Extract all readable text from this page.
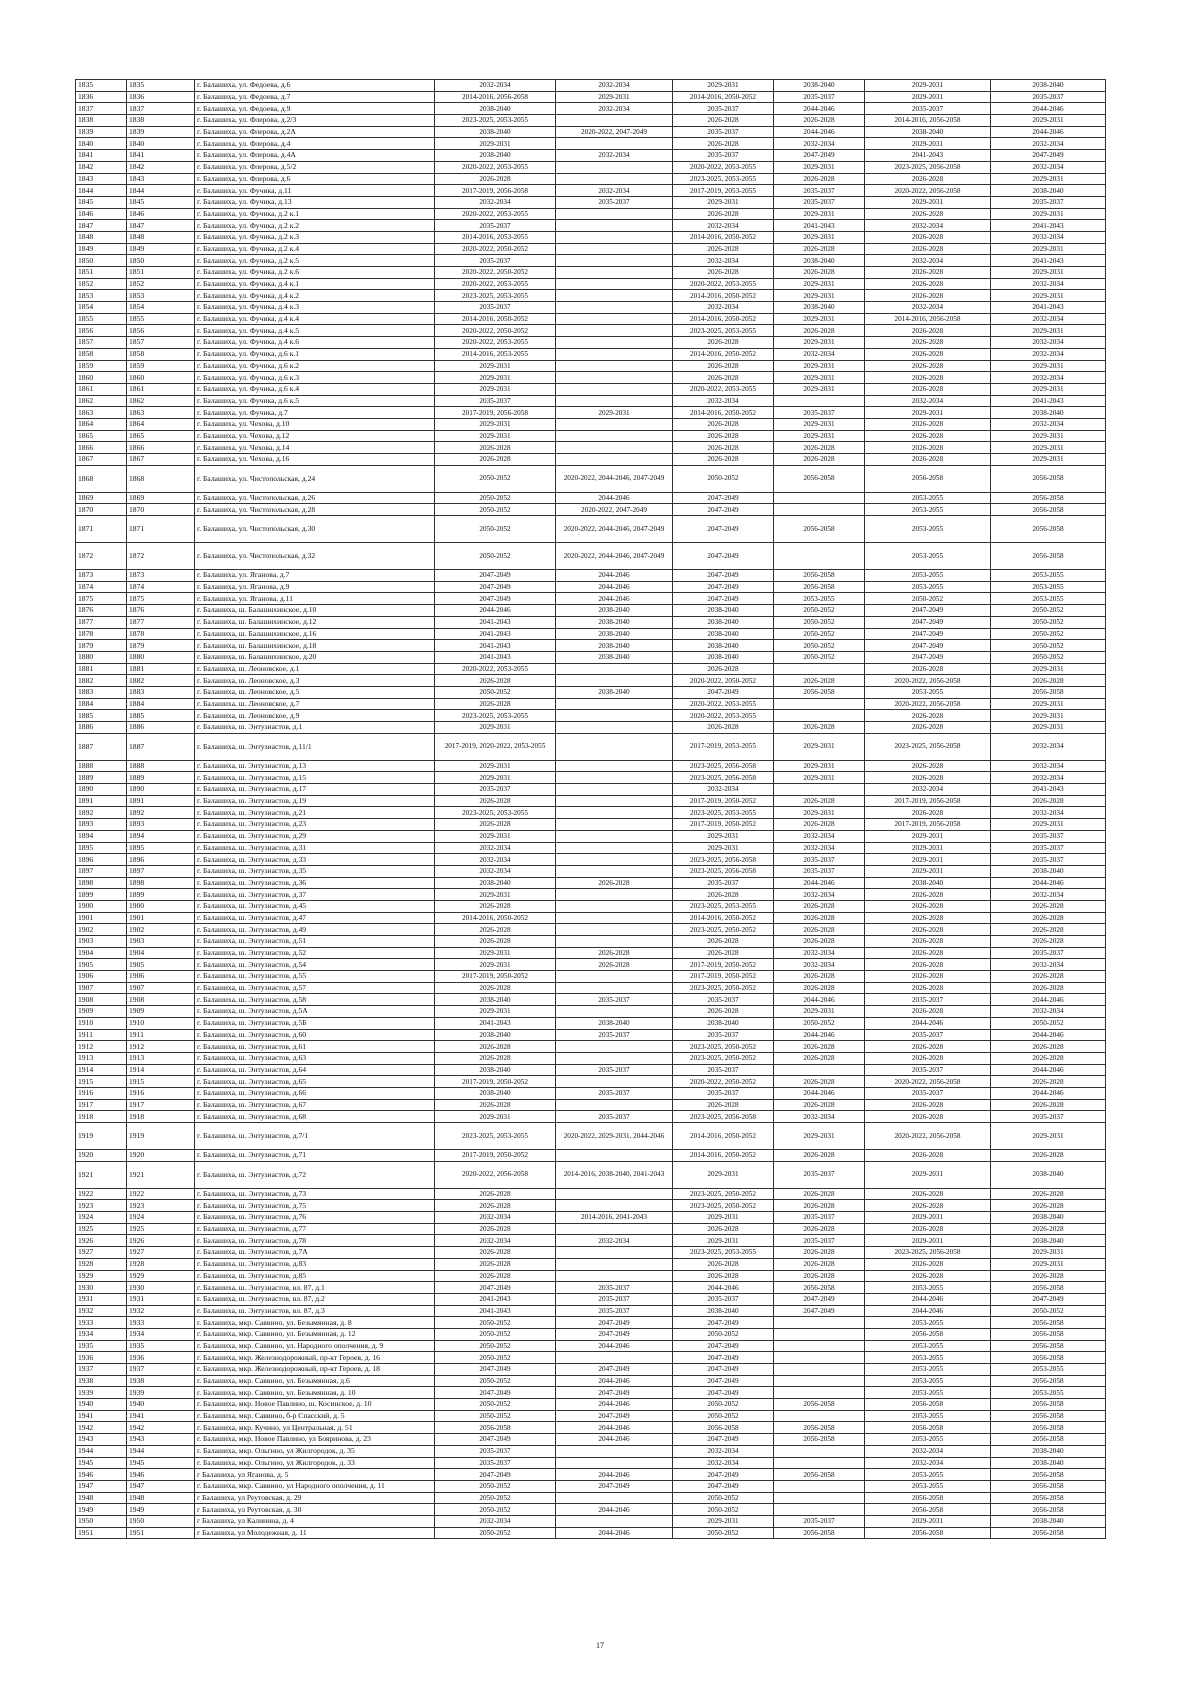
1835	1835	г. Балашиха, ул. Федоева, д.6	2032-2034	2032-2034	2029-2031	2038-2040	2029-2031	2038-2040
1836	1836	г. Балашиха, ул. Федоева, д.7	2014-2016, 2056-2058	2029-2031	2014-2016, 2050-2052	2035-2037	2029-2031	2035-2037
1837	1837	г. Балашиха, ул. Федоева, д.9	2038-2040	2032-2034	2035-2037	2044-2046	2035-2037	2044-2046
1838	1838	г. Балашиха, ул. Флерова, д.2/3	2023-2025, 2053-2055		2026-2028	2026-2028	2014-2016, 2056-2058	2029-2031
1839	1839	г. Балашиха, ул. Флерова, д.2А	2038-2040	2020-2022, 2047-2049	2035-2037	2044-2046	2038-2040	2044-2046
1840	1840	г. Балашиха, ул. Флерова, д.4	2029-2031		2026-2028	2032-2034	2029-2031	2032-2034
1841	1841	г. Балашиха, ул. Флерова, д.4А	2038-2040	2032-2034	2035-2037	2047-2049	2041-2043	2047-2049
1842	1842	г. Балашиха, ул. Флерова, д.5/2	2020-2022, 2053-2055		2020-2022, 2053-2055	2029-2031	2023-2025, 2056-2058	2032-2034
1843	1843	г. Балашиха, ул. Флерова, д.6	2026-2028		2023-2025, 2053-2055	2026-2028	2026-2028	2029-2031
1844	1844	г. Балашиха, ул. Фучика, д.11	2017-2019, 2056-2058	2032-2034	2017-2019, 2053-2055	2035-2037	2020-2022, 2056-2058	2038-2040
1845	1845	г. Балашиха, ул. Фучика, д.13	2032-2034	2035-2037	2029-2031	2035-2037	2029-2031	2035-2037
1846	1846	г. Балашиха, ул. Фучика, д.2 к.1	2020-2022, 2053-2055		2026-2028	2029-2031	2026-2028	2029-2031
1847	1847	г. Балашиха, ул. Фучика, д.2 к.2	2035-2037		2032-2034	2041-2043	2032-2034	2041-2043
1848	1848	г. Балашиха, ул. Фучика, д.2 к.3	2014-2016, 2053-2055		2014-2016, 2050-2052	2029-2031	2026-2028	2032-2034
1849	1849	г. Балашиха, ул. Фучика, д.2 к.4	2020-2022, 2050-2052		2026-2028	2026-2028	2026-2028	2029-2031
1850	1850	г. Балашиха, ул. Фучика, д.2 к.5	2035-2037		2032-2034	2038-2040	2032-2034	2041-2043
1851	1851	г. Балашиха, ул. Фучика, д.2 к.6	2020-2022, 2050-2052		2026-2028	2026-2028	2026-2028	2029-2031
1852	1852	г. Балашиха, ул. Фучика, д.4 к.1	2020-2022, 2053-2055		2020-2022, 2053-2055	2029-2031	2026-2028	2032-2034
1853	1853	г. Балашиха, ул. Фучика, д.4 к.2	2023-2025, 2053-2055		2014-2016, 2050-2052	2029-2031	2026-2028	2029-2031
1854	1854	г. Балашиха, ул. Фучика, д.4 к.3	2035-2037		2032-2034	2038-2040	2032-2034	2041-2043
1855	1855	г. Балашиха, ул. Фучика, д.4 к.4	2014-2016, 2050-2052		2014-2016, 2050-2052	2029-2031	2014-2016, 2056-2058	2032-2034
1856	1856	г. Балашиха, ул. Фучика, д.4 к.5	2020-2022, 2050-2052		2023-2025, 2053-2055	2026-2028	2026-2028	2029-2031
1857	1857	г. Балашиха, ул. Фучика, д.4 к.6	2020-2022, 2053-2055		2026-2028	2029-2031	2026-2028	2032-2034
1858	1858	г. Балашиха, ул. Фучика, д.6 к.1	2014-2016, 2053-2055		2014-2016, 2050-2052	2032-2034	2026-2028	2032-2034
1859	1859	г. Балашиха, ул. Фучика, д.6 к.2	2029-2031		2026-2028	2029-2031	2026-2028	2029-2031
1860	1860	г. Балашиха, ул. Фучика, д.6 к.3	2029-2031		2026-2028	2029-2031	2026-2028	2032-2034
1861	1861	г. Балашиха, ул. Фучика, д.6 к.4	2029-2031		2020-2022, 2053-2055	2029-2031	2026-2028	2029-2031
1862	1862	г. Балашиха, ул. Фучика, д.6 к.5	2035-2037		2032-2034		2032-2034	2041-2043
1863	1863	г. Балашиха, ул. Фучика, д.7	2017-2019, 2056-2058	2029-2031	2014-2016, 2050-2052	2035-2037	2029-2031	2038-2040
1864	1864	г. Балашиха, ул. Чехова, д.10	2029-2031		2026-2028	2029-2031	2026-2028	2032-2034
1865	1865	г. Балашиха, ул. Чехова, д.12	2029-2031		2026-2028	2029-2031	2026-2028	2029-2031
1866	1866	г. Балашиха, ул. Чехова, д.14	2026-2028		2026-2028	2026-2028	2026-2028	2029-2031
1867	1867	г. Балашиха, ул. Чехова, д.16	2026-2028		2026-2028	2026-2028	2026-2028	2029-2031
1868	1868	г. Балашиха, ул. Чистопольская, д.24	2050-2052	2020-2022, 2044-2046, 2047-2049	2050-2052	2056-2058	2056-2058	2056-2058
1869	1869	г. Балашиха, ул. Чистопольская, д.26	2050-2052	2044-2046	2047-2049		2053-2055	2056-2058
1870	1870	г. Балашиха, ул. Чистопольская, д.28	2050-2052	2020-2022, 2047-2049	2047-2049		2053-2055	2056-2058
1871	1871	г. Балашиха, ул. Чистопольская, д.30	2050-2052	2020-2022, 2044-2046, 2047-2049	2047-2049	2056-2058	2053-2055	2056-2058
1872	1872	г. Балашиха, ул. Чистопольская, д.32	2050-2052	2020-2022, 2044-2046, 2047-2049	2047-2049		2053-2055	2056-2058
1873	1873	г. Балашиха, ул. Яганова, д.7	2047-2049	2044-2046	2047-2049	2056-2058	2053-2055	2053-2055
1874	1874	г. Балашиха, ул. Яганова, д.9	2047-2049	2044-2046	2047-2049	2056-2058	2053-2055	2053-2055
1875	1875	г. Балашиха, ул. Яганова, д.11	2047-2049	2044-2046	2047-2049	2053-2055	2050-2052	2053-2055
1876	1876	г. Балашиха, ш. Балашихинское, д.10	2044-2046	2038-2040	2038-2040	2050-2052	2047-2049	2050-2052
1877	1877	г. Балашиха, ш. Балашихинское, д.12	2041-2043	2038-2040	2038-2040	2050-2052	2047-2049	2050-2052
1878	1878	г. Балашиха, ш. Балашихинское, д.16	2041-2043	2038-2040	2038-2040	2050-2052	2047-2049	2050-2052
1879	1879	г. Балашиха, ш. Балашихинское, д.18	2041-2043	2038-2040	2038-2040	2050-2052	2047-2049	2050-2052
1880	1880	г. Балашиха, ш. Балашихинское, д.20	2041-2043	2038-2040	2038-2040	2050-2052	2047-2049	2050-2052
1881	1881	г. Балашиха, ш. Леоновское, д.1	2020-2022, 2053-2055		2026-2028		2026-2028	2029-2031
1882	1882	г. Балашиха, ш. Леоновское, д.3	2026-2028		2020-2022, 2050-2052	2026-2028	2020-2022, 2056-2058	2026-2028
1883	1883	г. Балашиха, ш. Леоновское, д.5	2050-2052	2038-2040	2047-2049	2056-2058	2053-2055	2056-2058
1884	1884	г. Балашиха, ш. Леоновское, д.7	2026-2028		2020-2022, 2053-2055		2020-2022, 2056-2058	2029-2031
1885	1885	г. Балашиха, ш. Леоновское, д.9	2023-2025, 2053-2055		2020-2022, 2053-2055		2026-2028	2029-2031
1886	1886	г. Балашиха, ш. Энтузиастов, д.1	2029-2031		2026-2028	2026-2028	2026-2028	2029-2031
1887	1887	г. Балашиха, ш. Энтузиастов, д.11/1	2017-2019, 2020-2022, 2053-2055		2017-2019, 2053-2055	2029-2031	2023-2025, 2056-2058	2032-2034
1888	1888	г. Балашиха, ш. Энтузиастов, д.13	2029-2031		2023-2025, 2056-2058	2029-2031	2026-2028	2032-2034
1889	1889	г. Балашиха, ш. Энтузиастов, д.15	2029-2031		2023-2025, 2056-2058	2029-2031	2026-2028	2032-2034
1890	1890	г. Балашиха, ш. Энтузиастов, д.17	2035-2037		2032-2034		2032-2034	2041-2043
1891	1891	г. Балашиха, ш. Энтузиастов, д.19	2026-2028		2017-2019, 2050-2052	2026-2028	2017-2019, 2056-2058	2026-2028
1892	1892	г. Балашиха, ш. Энтузиастов, д.21	2023-2025, 2053-2055		2023-2025, 2053-2055	2029-2031	2026-2028	2032-2034
1893	1893	г. Балашиха, ш. Энтузиастов, д.23	2026-2028		2017-2019, 2050-2052	2026-2028	2017-2019, 2056-2058	2029-2031
1894	1894	г. Балашиха, ш. Энтузиастов, д.29	2029-2031		2029-2031	2032-2034	2029-2031	2035-2037
1895	1895	г. Балашиха, ш. Энтузиастов, д.31	2032-2034		2029-2031	2032-2034	2029-2031	2035-2037
1896	1896	г. Балашиха, ш. Энтузиастов, д.33	2032-2034		2023-2025, 2056-2058	2035-2037	2029-2031	2035-2037
1897	1897	г. Балашиха, ш. Энтузиастов, д.35	2032-2034		2023-2025, 2056-2058	2035-2037	2029-2031	2038-2040
1898	1898	г. Балашиха, ш. Энтузиастов, д.36	2038-2040	2026-2028	2035-2037	2044-2046	2038-2040	2044-2046
1899	1899	г. Балашиха, ш. Энтузиастов, д.37	2029-2031		2026-2028	2032-2034	2026-2028	2032-2034
1900	1900	г. Балашиха, ш. Энтузиастов, д.45	2026-2028		2023-2025, 2053-2055	2026-2028	2026-2028	2026-2028
1901	1901	г. Балашиха, ш. Энтузиастов, д.47	2014-2016, 2050-2052		2014-2016, 2050-2052	2026-2028	2026-2028	2026-2028
1902	1902	г. Балашиха, ш. Энтузиастов, д.49	2026-2028		2023-2025, 2050-2052	2026-2028	2026-2028	2026-2028
1903	1903	г. Балашиха, ш. Энтузиастов, д.51	2026-2028		2026-2028	2026-2028	2026-2028	2026-2028
1904	1904	г. Балашиха, ш. Энтузиастов, д.52	2029-2031	2026-2028	2026-2028	2032-2034	2026-2028	2035-2037
1905	1905	г. Балашиха, ш. Энтузиастов, д.54	2029-2031	2026-2028	2017-2019, 2050-2052	2032-2034	2026-2028	2032-2034
1906	1906	г. Балашиха, ш. Энтузиастов, д.55	2017-2019, 2050-2052		2017-2019, 2050-2052	2026-2028	2026-2028	2026-2028
1907	1907	г. Балашиха, ш. Энтузиастов, д.57	2026-2028		2023-2025, 2050-2052	2026-2028	2026-2028	2026-2028
1908	1908	г. Балашиха, ш. Энтузиастов, д.58	2038-2040	2035-2037	2035-2037	2044-2046	2035-2037	2044-2046
1909	1909	г. Балашиха, ш. Энтузиастов, д.5А	2029-2031		2026-2028	2029-2031	2026-2028	2032-2034
1910	1910	г. Балашиха, ш. Энтузиастов, д.5Б	2041-2043	2038-2040	2038-2040	2050-2052	2044-2046	2050-2052
1911	1911	г. Балашиха, ш. Энтузиастов, д.60	2038-2040	2035-2037	2035-2037	2044-2046	2035-2037	2044-2046
1912	1912	г. Балашиха, ш. Энтузиастов, д.61	2026-2028		2023-2025, 2050-2052	2026-2028	2026-2028	2026-2028
1913	1913	г. Балашиха, ш. Энтузиастов, д.63	2026-2028		2023-2025, 2050-2052	2026-2028	2026-2028	2026-2028
1914	1914	г. Балашиха, ш. Энтузиастов, д.64	2038-2040	2035-2037	2035-2037		2035-2037	2044-2046
1915	1915	г. Балашиха, ш. Энтузиастов, д.65	2017-2019, 2050-2052		2020-2022, 2050-2052	2026-2028	2020-2022, 2056-2058	2026-2028
1916	1916	г. Балашиха, ш. Энтузиастов, д.66	2038-2040	2035-2037	2035-2037	2044-2046	2035-2037	2044-2046
1917	1917	г. Балашиха, ш. Энтузиастов, д.67	2026-2028		2026-2028	2026-2028	2026-2028	2026-2028
1918	1918	г. Балашиха, ш. Энтузиастов, д.68	2029-2031	2035-2037	2023-2025, 2056-2058	2032-2034	2026-2028	2035-2037
1919	1919	г. Балашиха, ш. Энтузиастов, д.7/1	2023-2025, 2053-2055	2020-2022, 2029-2031, 2044-2046	2014-2016, 2050-2052	2029-2031	2020-2022, 2056-2058	2029-2031
1920	1920	г. Балашиха, ш. Энтузиастов, д.71	2017-2019, 2050-2052		2014-2016, 2050-2052	2026-2028	2026-2028	2026-2028
1921	1921	г. Балашиха, ш. Энтузиастов, д.72	2020-2022, 2056-2058	2014-2016, 2038-2040, 2041-2043	2029-2031	2035-2037	2029-2031	2038-2040
1922	1922	г. Балашиха, ш. Энтузиастов, д.73	2026-2028		2023-2025, 2050-2052	2026-2028	2026-2028	2026-2028
1923	1923	г. Балашиха, ш. Энтузиастов, д.75	2026-2028		2023-2025, 2050-2052	2026-2028	2026-2028	2026-2028
1924	1924	г. Балашиха, ш. Энтузиастов, д.76	2032-2034	2014-2016, 2041-2043	2029-2031	2035-2037	2029-2031	2038-2040
1925	1925	г. Балашиха, ш. Энтузиастов, д.77	2026-2028		2026-2028	2026-2028	2026-2028	2026-2028
1926	1926	г. Балашиха, ш. Энтузиастов, д.78	2032-2034	2032-2034	2029-2031	2035-2037	2029-2031	2038-2040
1927	1927	г. Балашиха, ш. Энтузиастов, д.7А	2026-2028		2023-2025, 2053-2055	2026-2028	2023-2025, 2056-2058	2029-2031
1928	1928	г. Балашиха, ш. Энтузиастов, д.83	2026-2028		2026-2028	2026-2028	2026-2028	2029-2031
1929	1929	г. Балашиха, ш. Энтузиастов, д.85	2026-2028		2026-2028	2026-2028	2026-2028	2026-2028
1930	1930	г. Балашиха, ш. Энтузиастов, вл. 87, д.1	2047-2049	2035-2037	2044-2046	2056-2058	2053-2055	2056-2058
1931	1931	г. Балашиха, ш. Энтузиастов, вл. 87, д.2	2041-2043	2035-2037	2035-2037	2047-2049	2044-2046	2047-2049
1932	1932	г. Балашиха, ш. Энтузиастов, вл. 87, д.3	2041-2043	2035-2037	2038-2040	2047-2049	2044-2046	2050-2052
1933	1933	г. Балашиха, мкр. Саввино, ул. Безымянная, д. 8	2050-2052	2047-2049	2047-2049		2053-2055	2056-2058
1934	1934	г. Балашиха, мкр. Саввино, ул. Безымянная, д. 12	2050-2052	2047-2049	2050-2052		2056-2058	2056-2058
1935	1935	г. Балашиха, мкр. Саввино, ул. Народного ополчения, д. 9	2050-2052	2044-2046	2047-2049		2053-2055	2056-2058
1936	1936	г. Балашиха, мкр. Железнодорожный, пр-кт Героев, д. 16	2050-2052		2047-2049		2053-2055	2056-2058
1937	1937	г. Балашиха, мкр. Железнодорожный, пр-кт Героев, д. 18	2047-2049	2047-2049	2047-2049		2053-2055	2053-2055
1938	1938	г. Балашиха, мкр. Саввино, ул. Безымянная, д.6	2050-2052	2044-2046	2047-2049		2053-2055	2056-2058
1939	1939	г. Балашиха, мкр. Саввино, ул. Безымянная, д. 10	2047-2049	2047-2049	2047-2049		2053-2055	2053-2055
1940	1940	г. Балашиха, мкр. Новое Павлино, ш. Косинское, д. 10	2050-2052	2044-2046	2050-2052	2056-2058	2056-2058	2056-2058
1941	1941	г. Балашиха, мкр. Саввино, б-р Спасский, д. 5	2050-2052	2047-2049	2050-2052		2053-2055	2056-2058
1942	1942	г. Балашиха, мкр. Кучино, ул Центральная, д. 51	2056-2058	2044-2046	2056-2058	2056-2058	2056-2058	2056-2058
1943	1943	г. Балашиха, мкр. Новое Павлино, ул Бояринова, д. 23	2047-2049	2044-2046	2047-2049	2056-2058	2053-2055	2056-2058
1944	1944	г. Балашиха, мкр. Ольгино, ул Жилгородок, д. 35	2035-2037		2032-2034		2032-2034	2038-2040
1945	1945	г. Балашиха, мкр. Ольгино, ул Жилгородок, д. 33	2035-2037		2032-2034		2032-2034	2038-2040
1946	1946	г Балашиха, ул Яганова, д. 5	2047-2049	2044-2046	2047-2049	2056-2058	2053-2055	2056-2058
1947	1947	г. Балашиха, мкр. Саввино, ул Народного ополчения, д. 11	2050-2052	2047-2049	2047-2049		2053-2055	2056-2058
1948	1948	г Балашиха, ул Реутовская, д. 29	2050-2052		2050-2052		2056-2058	2056-2058
1949	1949	г Балашиха, ул Реутовская, д. 30	2050-2052	2044-2046	2050-2052		2056-2058	2056-2058
1950	1950	г Балашиха, ул Калинина, д. 4	2032-2034		2029-2031	2035-2037	2029-2031	2038-2040
1951	1951	г Балашиха, ул Молодежная, д. 11	2050-2052	2044-2046	2050-2052	2056-2058	2056-2058	2056-2058
17
